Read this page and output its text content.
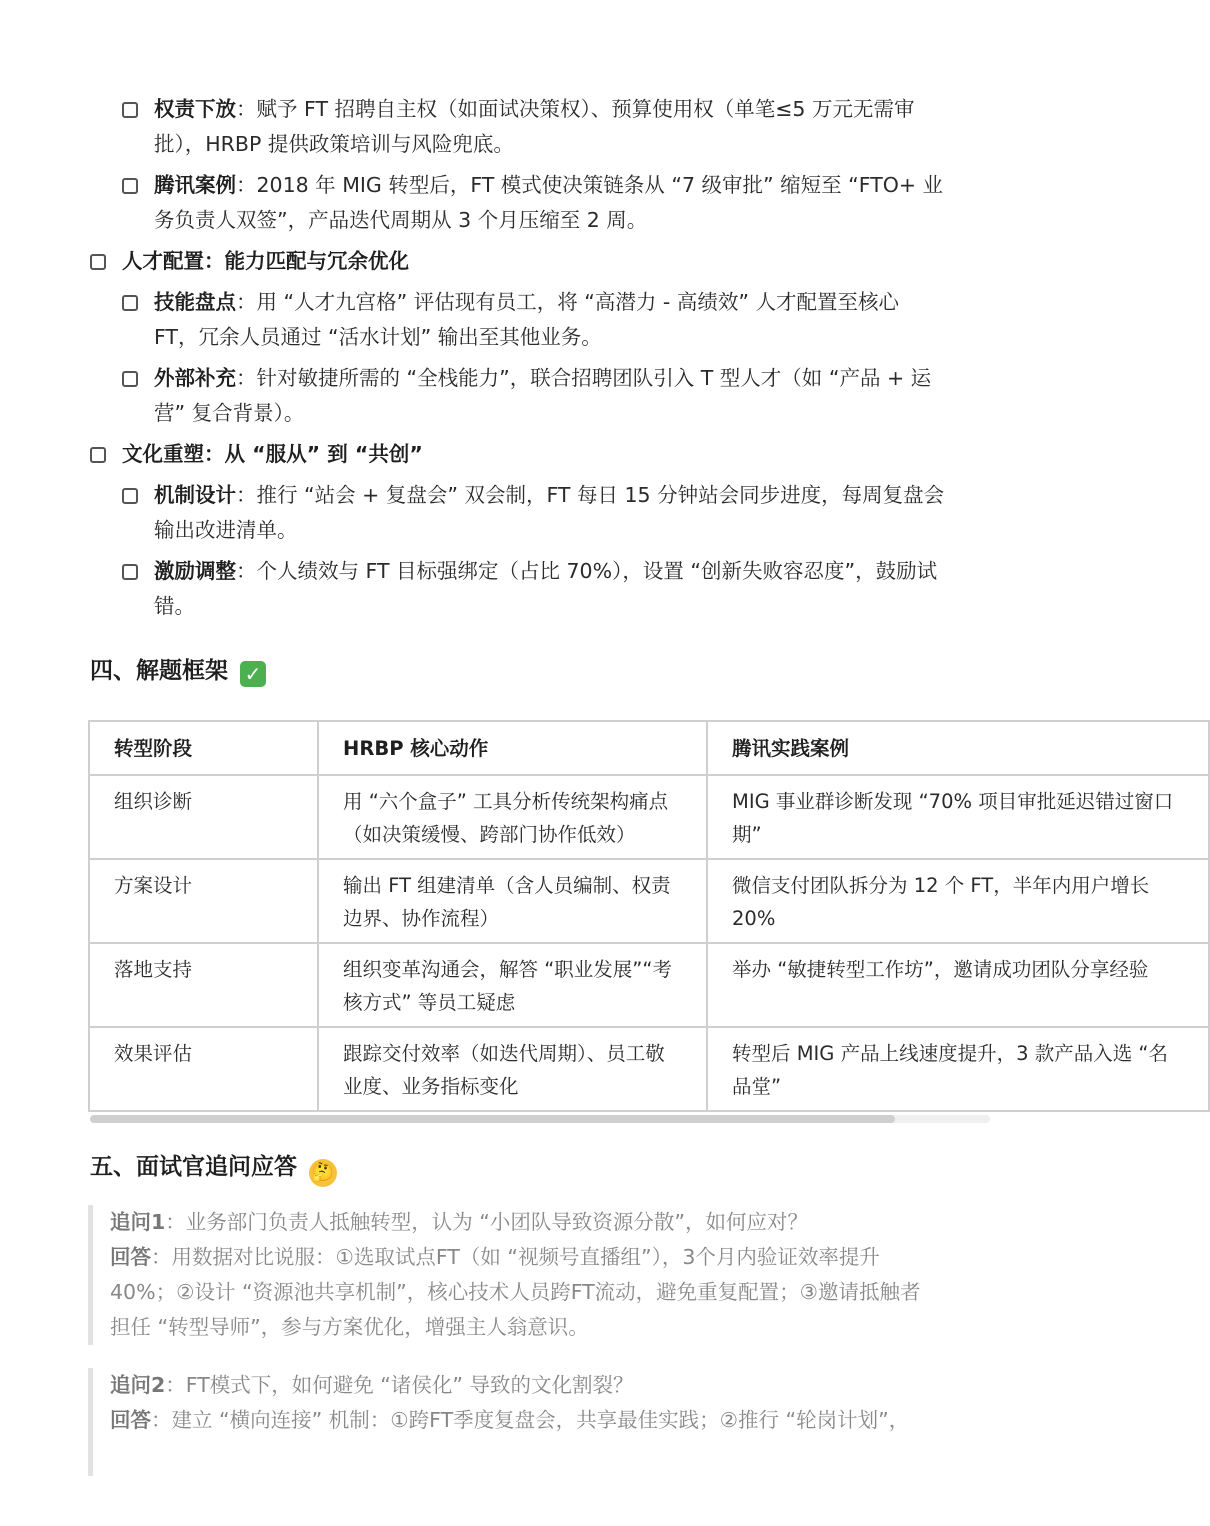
权责下放：赋予 FT 招聘自主权（如面试决策权）、预算使用权（单笔≤5 万元无需审
批），HRBP 提供政策培训与风险兜底。
腾讯案例：2018 年 MIG 转型后，FT 模式使决策链条从 “7 级审批” 缩短至 “FTO+ 业
务负责人双签”，产品迭代周期从 3 个月压缩至 2 周。
人才配置：能力匹配与冗余优化
技能盘点：用 “人才九宫格” 评估现有员工，将 “高潜力 - 高绩效” 人才配置至核心
FT，冗余人员通过 “活水计划” 输出至其他业务。
外部补充：针对敏捷所需的 “全栈能力”，联合招聘团队引入 T 型人才（如 “产品 + 运
营” 复合背景）。
文化重塑：从 “服从” 到 “共创”
机制设计：推行 “站会 + 复盘会” 双会制，FT 每日 15 分钟站会同步进度，每周复盘会
输出改进清单。
激励调整：个人绩效与 FT 目标强绑定（占比 70%），设置 “创新失败容忍度”，鼓励试
错。
四、解题框架 ✓
转型阶段	HRBP 核心动作	腾讯实践案例
组织诊断	用 “六个盒子” 工具分析传统架构痛点（如决策缓慢、跨部门协作低效）	MIG 事业群诊断发现 “70% 项目审批延迟错过窗口期”
方案设计	输出 FT 组建清单（含人员编制、权责边界、协作流程）	微信支付团队拆分为 12 个 FT，半年内用户增长 20%
落地支持	组织变革沟通会，解答 “职业发展”“考核方式” 等员工疑虑	举办 “敏捷转型工作坊”，邀请成功团队分享经验
效果评估	跟踪交付效率（如迭代周期）、员工敬业度、业务指标变化	转型后 MIG 产品上线速度提升，3 款产品入选 “名品堂”
五、面试官追问应答 🤔
追问1：业务部门负责人抵触转型，认为 “小团队导致资源分散”，如何应对？
回答：用数据对比说服：①选取试点FT（如 “视频号直播组”），3个月内验证效率提升
40%；②设计 “资源池共享机制”，核心技术人员跨FT流动，避免重复配置；③邀请抵触者
担任 “转型导师”，参与方案优化，增强主人翁意识。
追问2：FT模式下，如何避免 “诸侯化” 导致的文化割裂？
回答：建立 “横向连接” 机制：①跨FT季度复盘会，共享最佳实践；②推行 “轮岗计划”，
